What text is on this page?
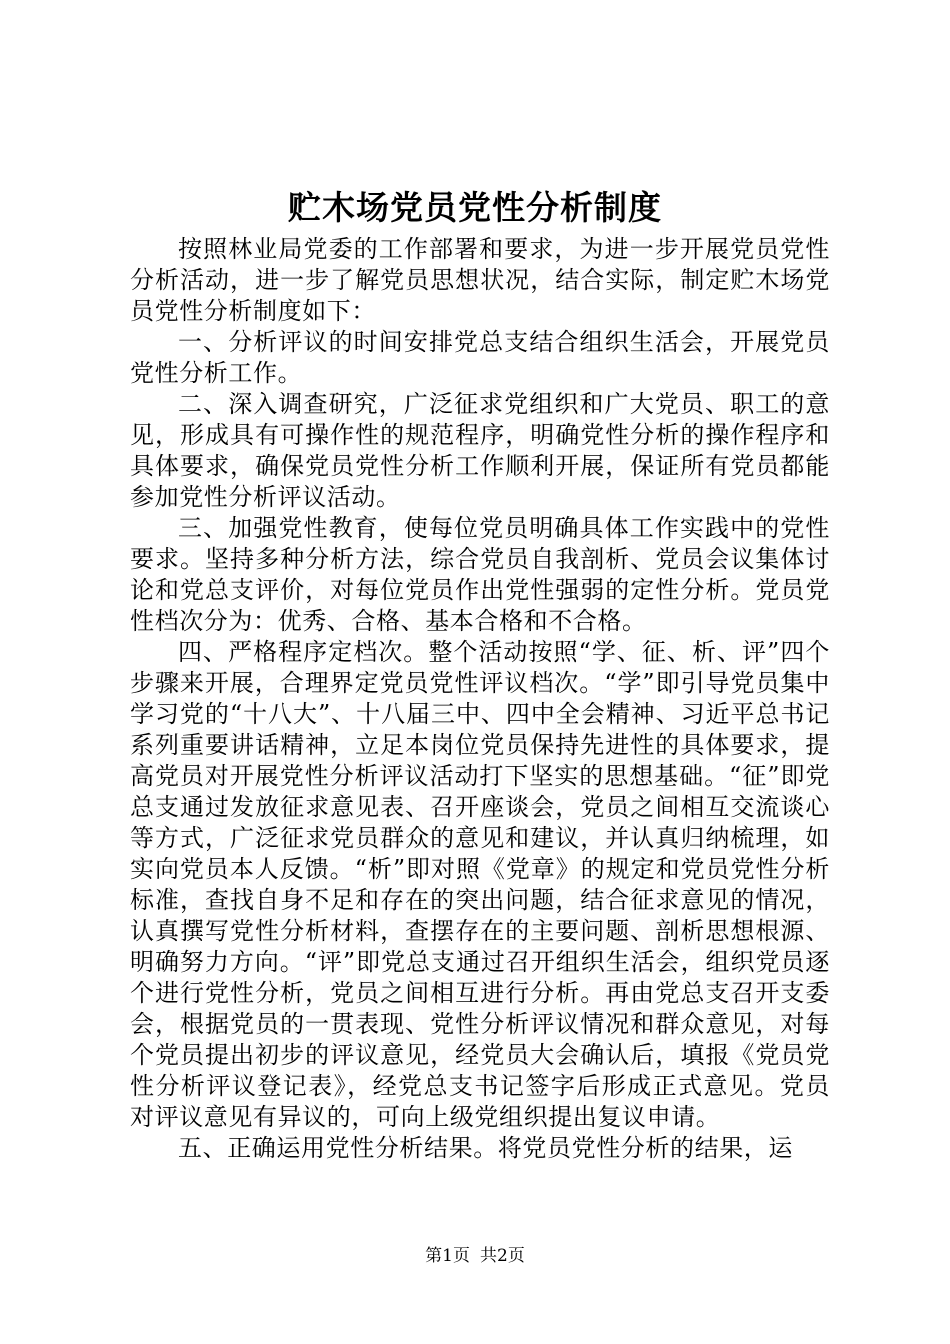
贮木场党员党性分析制度

按照林业局党委的工作部署和要求，为进一步开展党员党性分析活动，进一步了解党员思想状况，结合实际，制定贮木场党员党性分析制度如下：

一、分析评议的时间安排党总支结合组织生活会，开展党员党性分析工作。

二、深入调查研究，广泛征求党组织和广大党员、职工的意见，形成具有可操作性的规范程序，明确党性分析的操作程序和具体要求，确保党员党性分析工作顺利开展，保证所有党员都能参加党性分析评议活动。

三、加强党性教育，使每位党员明确具体工作实践中的党性要求。坚持多种分析方法，综合党员自我剖析、党员会议集体讨论和党总支评价，对每位党员作出党性强弱的定性分析。党员党性档次分为：优秀、合格、基本合格和不合格。

四、严格程序定档次。整个活动按照“学、征、析、评”四个步骤来开展，合理界定党员党性评议档次。“学”即引导党员集中学习党的“十八大”、十八届三中、四中全会精神、习近平总书记系列重要讲话精神，立足本岗位党员保持先进性的具体要求，提高党员对开展党性分析评议活动打下坚实的思想基础。“征”即党总支通过发放征求意见表、召开座谈会，党员之间相互交流谈心等方式，广泛征求党员群众的意见和建议，并认真归纳梳理，如实向党员本人反馈。“析”即对照《党章》的规定和党员党性分析标准，查找自身不足和存在的突出问题，结合征求意见的情况，认真撰写党性分析材料，查摆存在的主要问题、剖析思想根源、明确努力方向。“评”即党总支通过召开组织生活会，组织党员逐个进行党性分析，党员之间相互进行分析。再由党总支召开支委会，根据党员的一贯表现、党性分析评议情况和群众意见，对每个党员提出初步的评议意见，经党员大会确认后，填报《党员党性分析评议登记表》，经党总支书记签字后形成正式意见。党员对评议意见有异议的，可向上级党组织提出复议申请。

五、正确运用党性分析结果。将党员党性分析的结果，运

第1页 共2页
